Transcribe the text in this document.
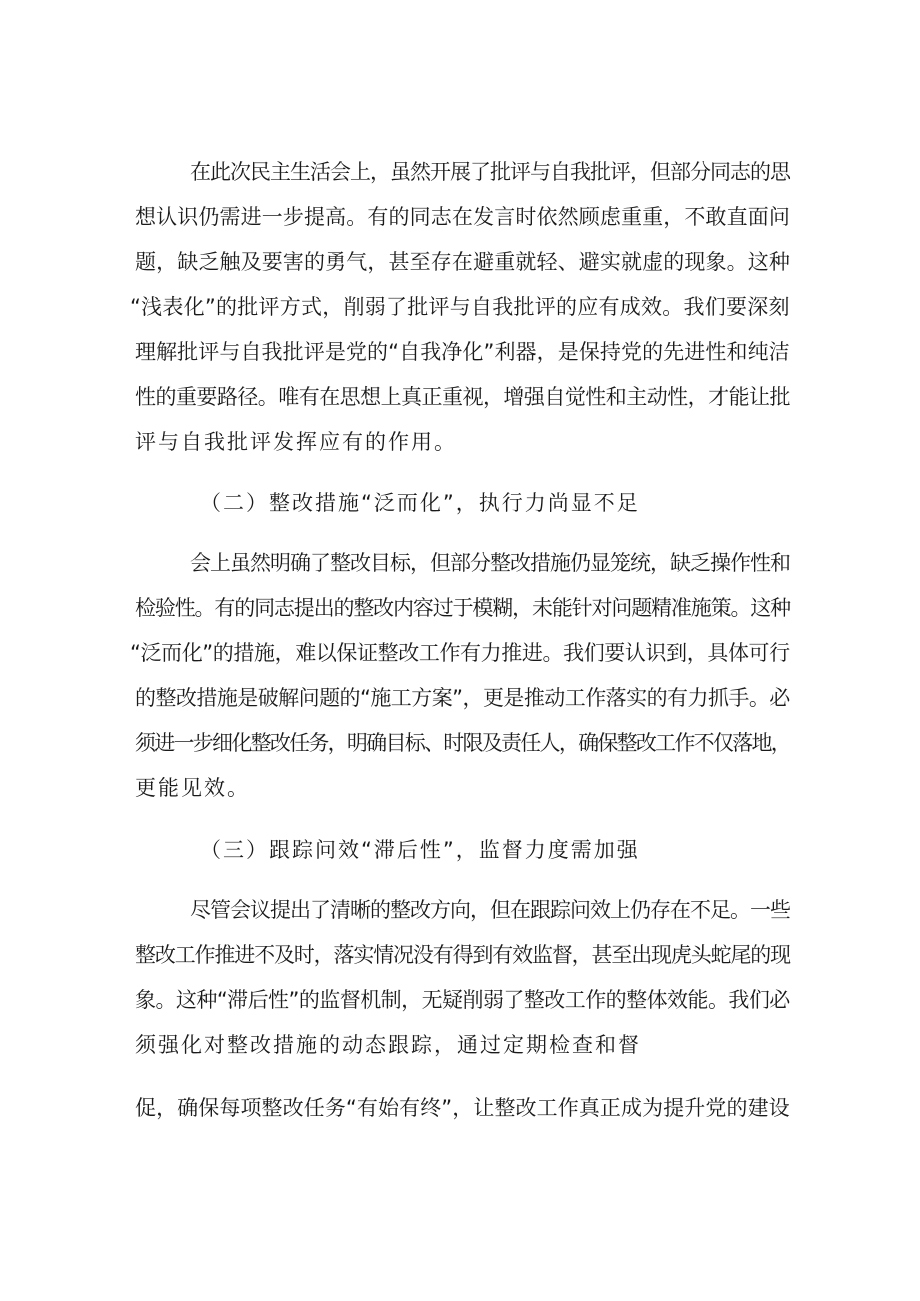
在此次民主生活会上，虽然开展了批评与自我批评，但部分同志的思
想认识仍需进一步提高。有的同志在发言时依然顾虑重重，不敢直面问
题，缺乏触及要害的勇气，甚至存在避重就轻、避实就虚的现象。这种
“浅表化”的批评方式，削弱了批评与自我批评的应有成效。我们要深刻
理解批评与自我批评是党的“自我净化”利器，是保持党的先进性和纯洁
性的重要路径。唯有在思想上真正重视，增强自觉性和主动性，才能让批
评与自我批评发挥应有的作用。
（二）整改措施“泛而化”，执行力尚显不足
会上虽然明确了整改目标，但部分整改措施仍显笼统，缺乏操作性和
检验性。有的同志提出的整改内容过于模糊，未能针对问题精准施策。这种
“泛而化”的措施，难以保证整改工作有力推进。我们要认识到，具体可行
的整改措施是破解问题的“施工方案”，更是推动工作落实的有力抓手。必
须进一步细化整改任务，明确目标、时限及责任人，确保整改工作不仅落地，
更能见效。
（三）跟踪问效“滞后性”，监督力度需加强
尽管会议提出了清晰的整改方向，但在跟踪问效上仍存在不足。一些
整改工作推进不及时，落实情况没有得到有效监督，甚至出现虎头蛇尾的现
象。这种“滞后性”的监督机制，无疑削弱了整改工作的整体效能。我们必
须强化对整改措施的动态跟踪，通过定期检查和督
促，确保每项整改任务“有始有终”，让整改工作真正成为提升党的建设
